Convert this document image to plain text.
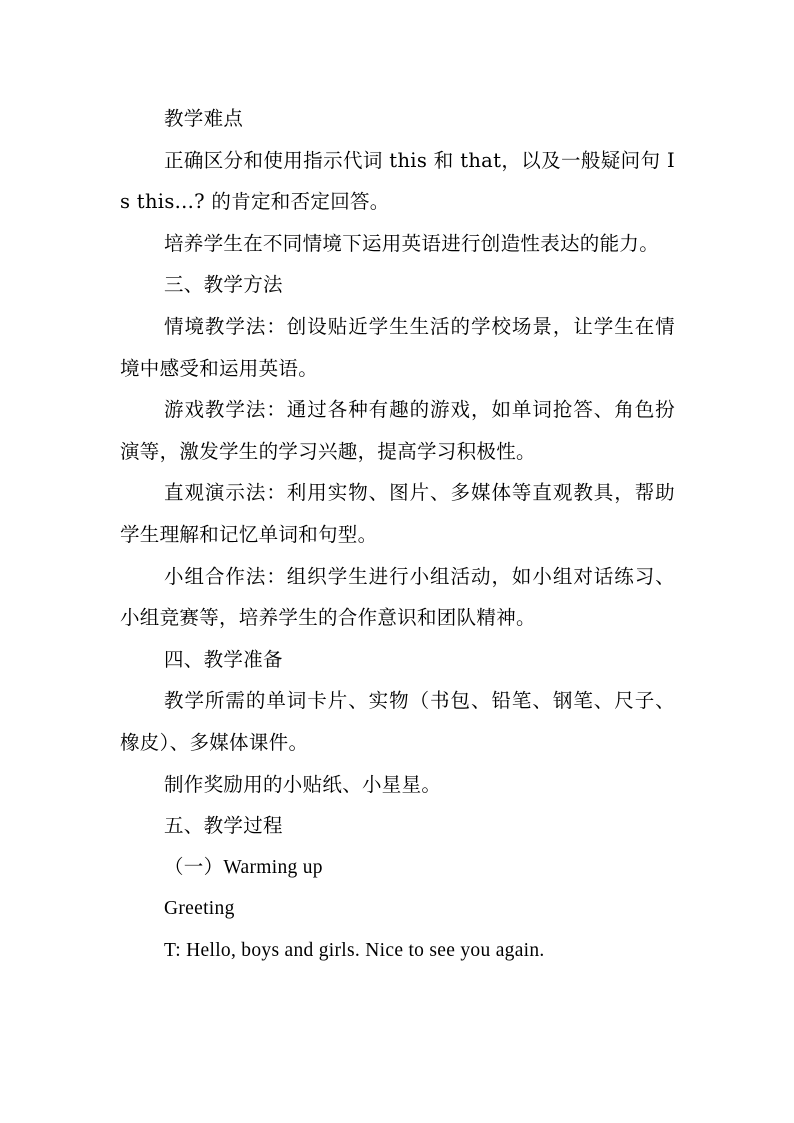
教学难点

正确区分和使用指示代词 this 和 that，以及一般疑问句 Is this...? 的肯定和否定回答。

培养学生在不同情境下运用英语进行创造性表达的能力。

三、教学方法

情境教学法：创设贴近学生生活的学校场景，让学生在情境中感受和运用英语。

游戏教学法：通过各种有趣的游戏，如单词抢答、角色扮演等，激发学生的学习兴趣，提高学习积极性。

直观演示法：利用实物、图片、多媒体等直观教具，帮助学生理解和记忆单词和句型。

小组合作法：组织学生进行小组活动，如小组对话练习、小组竞赛等，培养学生的合作意识和团队精神。

四、教学准备

教学所需的单词卡片、实物（书包、铅笔、钢笔、尺子、橡皮）、多媒体课件。

制作奖励用的小贴纸、小星星。

五、教学过程

（一）Warming up

Greeting

T: Hello, boys and girls. Nice to see you again.
